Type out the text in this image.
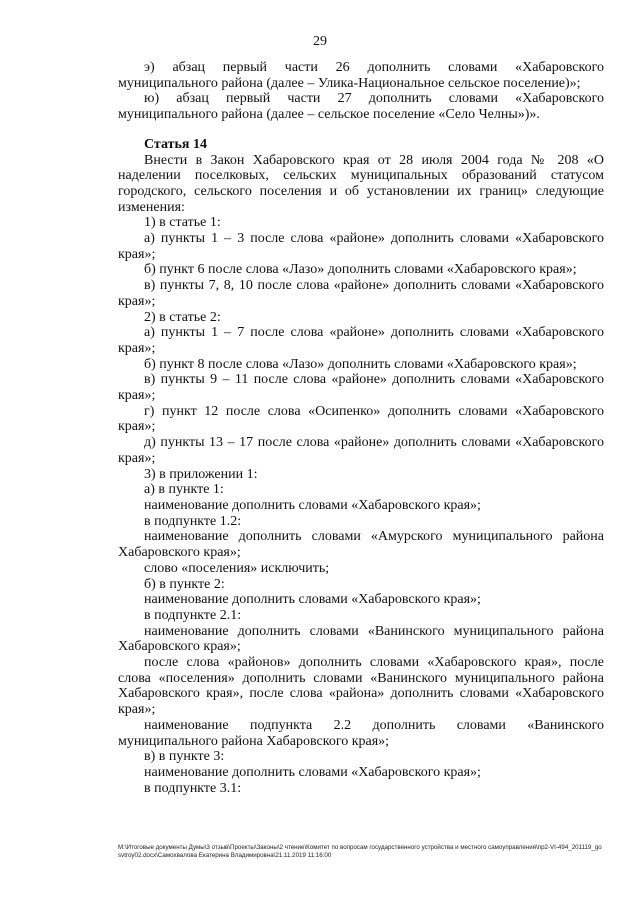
29

э) абзац первый части 26 дополнить словами «Хабаровского муниципального района (далее – Улика-Национальное сельское поселение)»;

ю) абзац первый части 27 дополнить словами «Хабаровского муниципального района (далее – сельское поселение «Село Челны»)».

Статья 14

Внести в Закон Хабаровского края от 28 июля 2004 года № 208 «О наделении поселковых, сельских муниципальных образований статусом городского, сельского поселения и об установлении их границ» следующие изменения:

1) в статье 1:

а) пункты 1 – 3 после слова «районе» дополнить словами «Хабаровского края»;

б) пункт 6 после слова «Лазо» дополнить словами «Хабаровского края»;

в) пункты 7, 8, 10 после слова «районе» дополнить словами «Хабаровского края»;

2) в статье 2:

а) пункты 1 – 7 после слова «районе» дополнить словами «Хабаровского края»;

б) пункт 8 после слова «Лазо» дополнить словами «Хабаровского края»;

в) пункты 9 – 11 после слова «районе» дополнить словами «Хабаровского края»;

г) пункт 12 после слова «Осипенко» дополнить словами «Хабаровского края»;

д) пункты 13 – 17 после слова «районе» дополнить словами «Хабаровского края»;

3) в приложении 1:

а) в пункте 1:

наименование дополнить словами «Хабаровского края»;

в подпункте 1.2:

наименование дополнить словами «Амурского муниципального района Хабаровского края»;

слово «поселения» исключить;

б) в пункте 2:

наименование дополнить словами «Хабаровского края»;

в подпункте 2.1:

наименование дополнить словами «Ванинского муниципального района Хабаровского края»;

после слова «районов» дополнить словами «Хабаровского края», после слова «поселения» дополнить словами «Ванинского муниципального района Хабаровского края», после слова «района» дополнить словами «Хабаровского края»;

наименование подпункта 2.2 дополнить словами «Ванинского муниципального района Хабаровского края»;

в) в пункте 3:

наименование дополнить словами «Хабаровского края»;

в подпункте 3.1:

М:\Итоговые документы Думы\3 отзыв\Проекты\Законы\2 чтение\Комитет по вопросам государственного устройства и местного самоуправления\пр2-VI-494_201119_gosvtroy02.docx\Самохвалова Екатерина Владимировна\21.11.2019 11:16:00
